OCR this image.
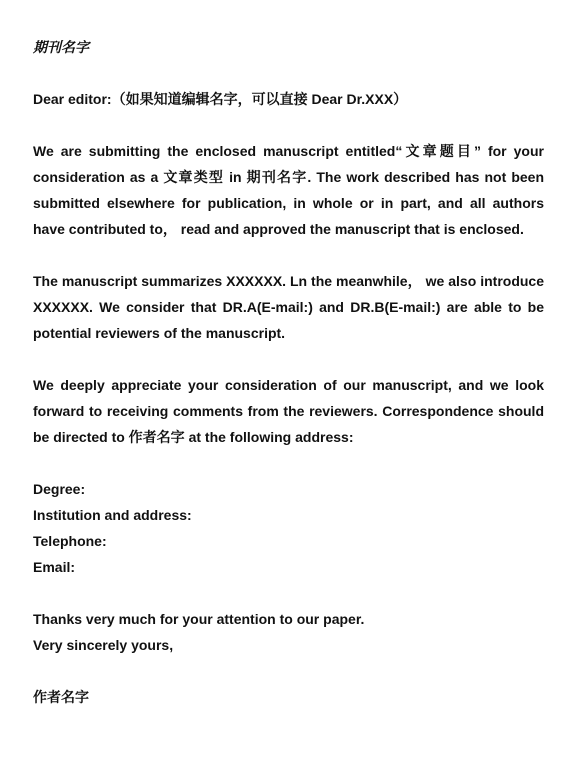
期刊名字

Dear editor:（如果知道编辑名字，可以直接 Dear Dr.XXX）

We are submitting the enclosed manuscript entitled“文章题目” for your consideration as a 文章类型 in 期刊名字. The work described has not been submitted elsewhere for publication, in whole or in part, and all authors have contributed to， read and approved the manuscript that is enclosed.

The manuscript summarizes XXXXXX. Ln the meanwhile， we also introduce XXXXXX. We consider that DR.A(E-mail:) and DR.B(E-mail:) are able to be potential reviewers of the manuscript.

We deeply appreciate your consideration of our manuscript, and we look forward to receiving comments from the reviewers. Correspondence should be directed to 作者名字 at the following address:

Degree:

Institution and address:

Telephone:

Email:

Thanks very much for your attention to our paper.

Very sincerely yours,

作者名字
